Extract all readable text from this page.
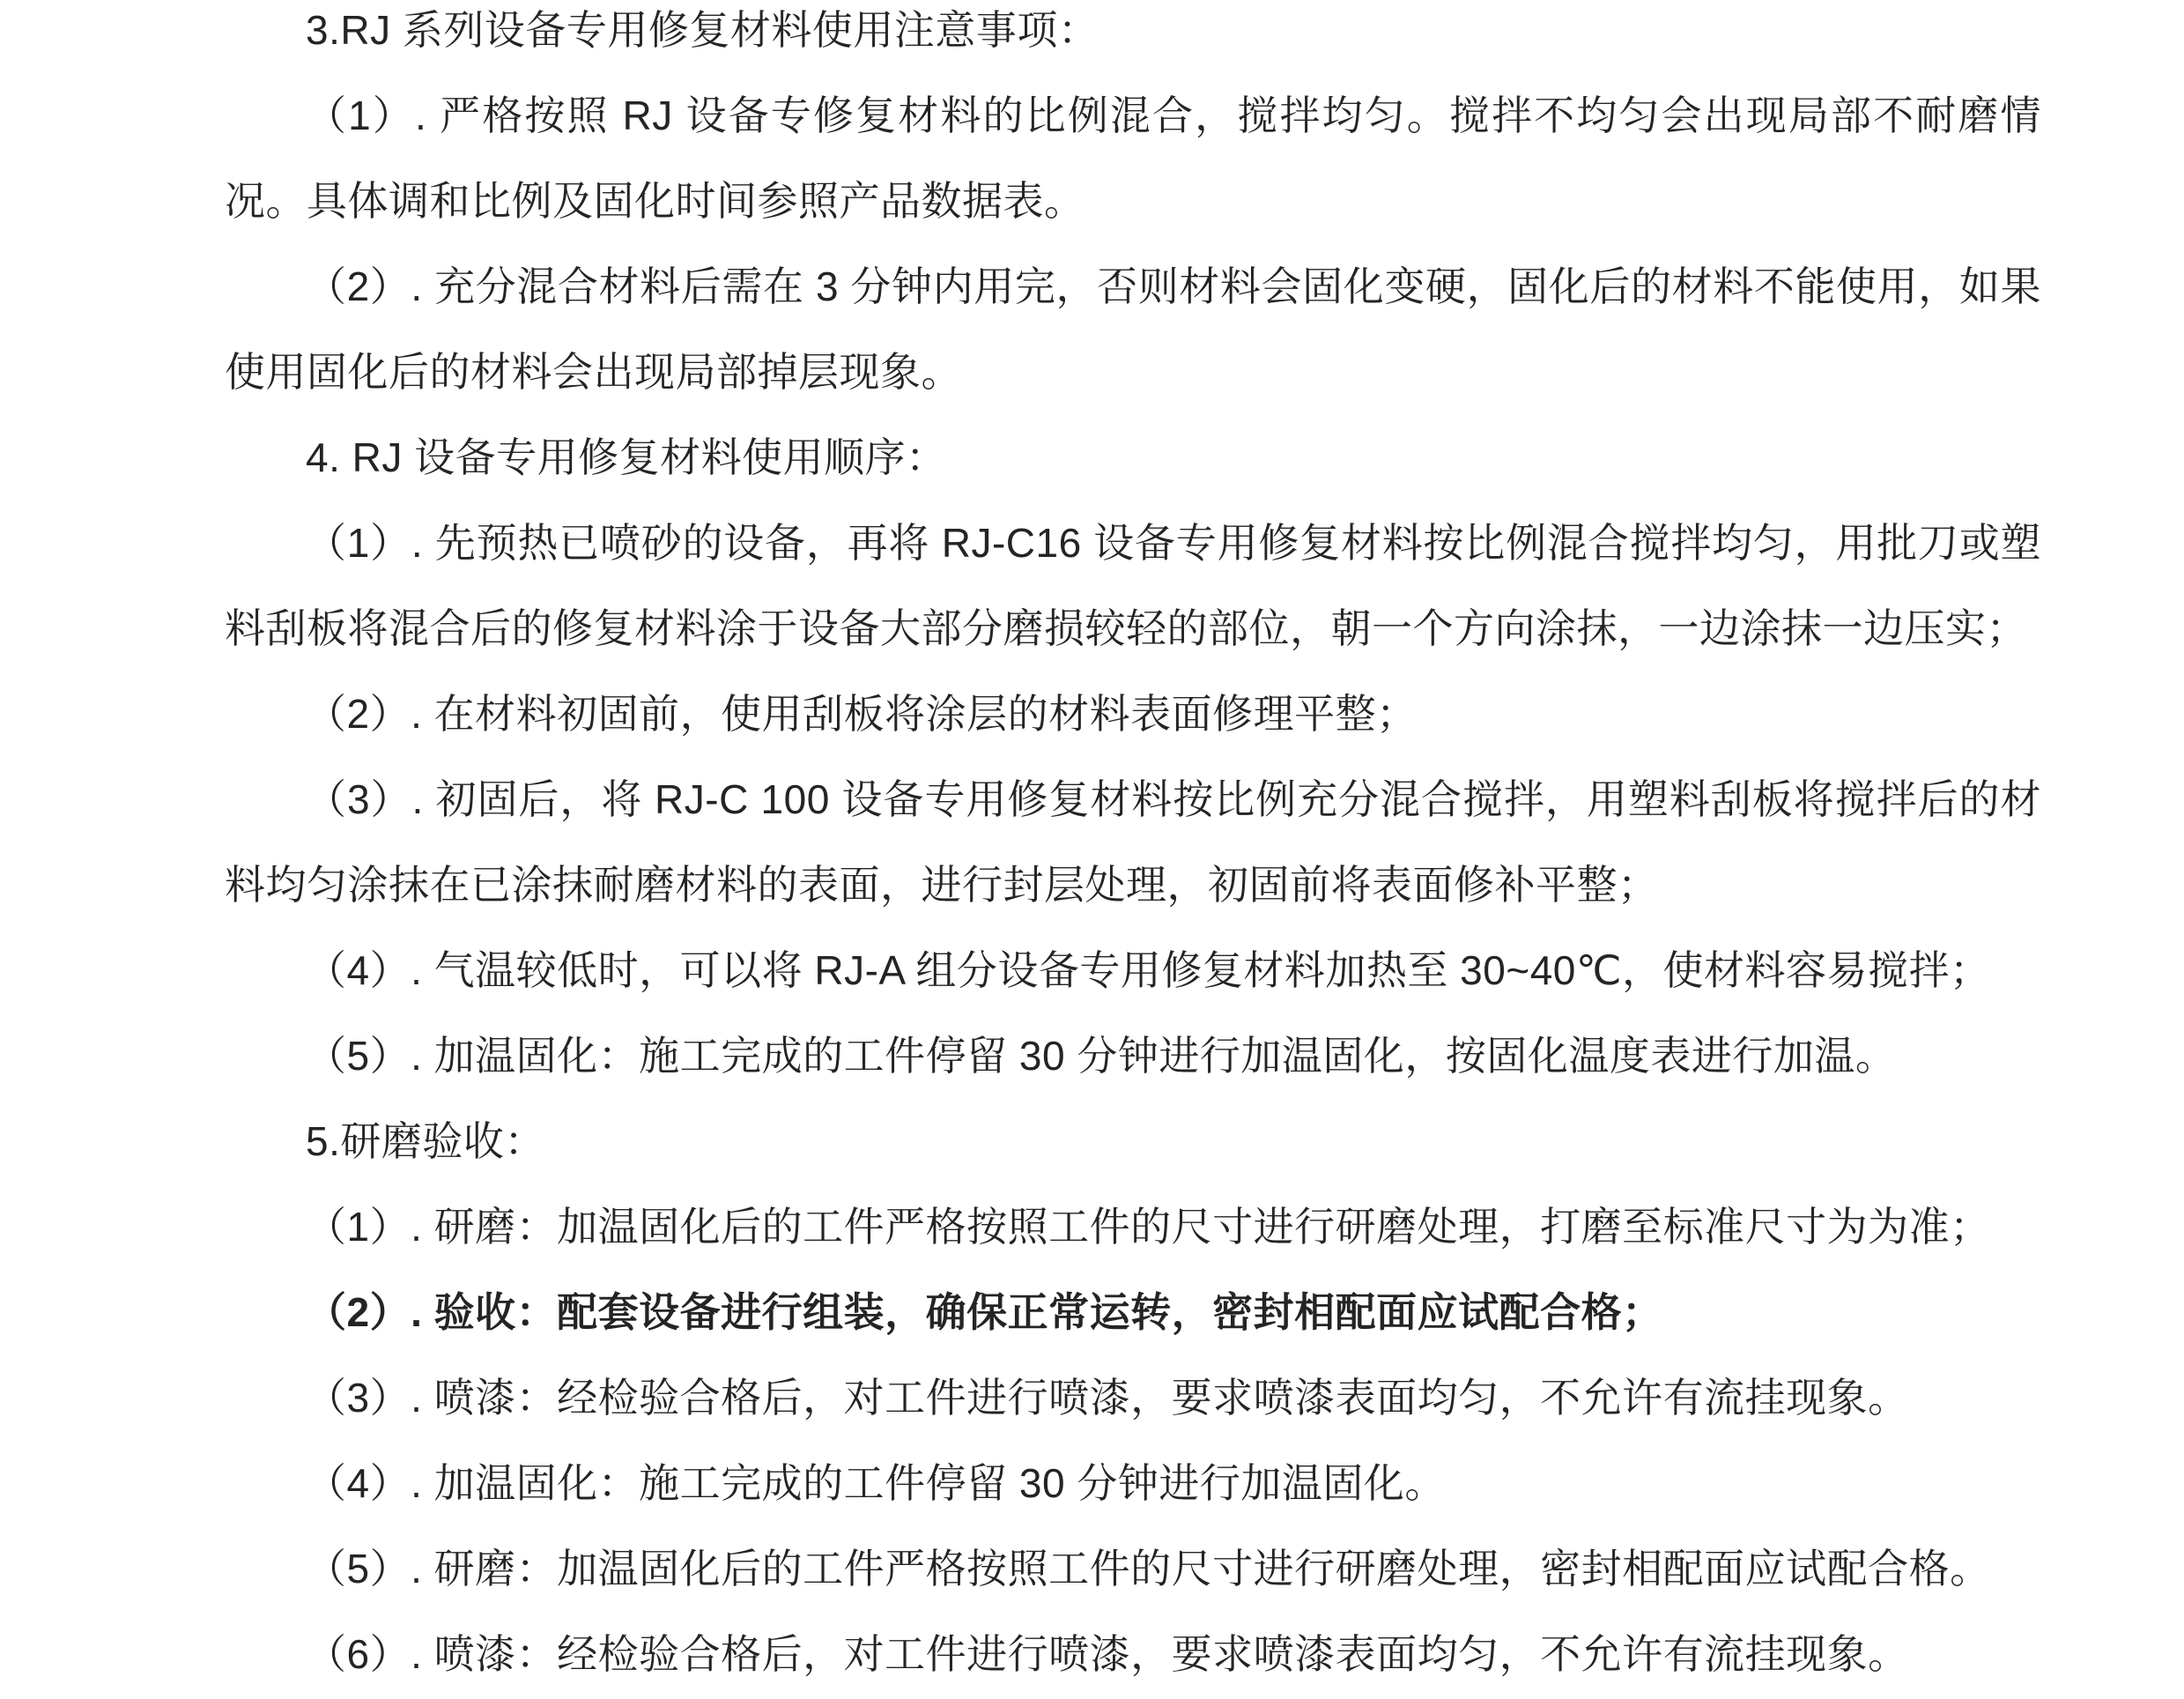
3.RJ 系列设备专用修复材料使用注意事项：

（1）. 严格按照 RJ 设备专修复材料的比例混合，搅拌均匀。搅拌不均匀会出现局部不耐磨情况。具体调和比例及固化时间参照产品数据表。

（2）. 充分混合材料后需在 3 分钟内用完，否则材料会固化变硬，固化后的材料不能使用，如果使用固化后的材料会出现局部掉层现象。

4. RJ 设备专用修复材料使用顺序：

（1）. 先预热已喷砂的设备，再将 RJ-C16 设备专用修复材料按比例混合搅拌均匀，用批刀或塑料刮板将混合后的修复材料涂于设备大部分磨损较轻的部位，朝一个方向涂抹，一边涂抹一边压实；

（2）. 在材料初固前，使用刮板将涂层的材料表面修理平整；

（3）. 初固后，将 RJ-C 100 设备专用修复材料按比例充分混合搅拌，用塑料刮板将搅拌后的材料均匀涂抹在已涂抹耐磨材料的表面，进行封层处理，初固前将表面修补平整；

（4）. 气温较低时，可以将 RJ-A 组分设备专用修复材料加热至 30~40℃，使材料容易搅拌；

（5）. 加温固化：施工完成的工件停留 30 分钟进行加温固化，按固化温度表进行加温。

5.研磨验收：

（1）. 研磨：加温固化后的工件严格按照工件的尺寸进行研磨处理，打磨至标准尺寸为为准；

（2）. 验收：配套设备进行组装，确保正常运转，密封相配面应试配合格；

（3）. 喷漆：经检验合格后，对工件进行喷漆，要求喷漆表面均匀，不允许有流挂现象。

（4）. 加温固化：施工完成的工件停留 30 分钟进行加温固化。

（5）. 研磨：加温固化后的工件严格按照工件的尺寸进行研磨处理，密封相配面应试配合格。

（6）. 喷漆：经检验合格后，对工件进行喷漆，要求喷漆表面均匀，不允许有流挂现象。
